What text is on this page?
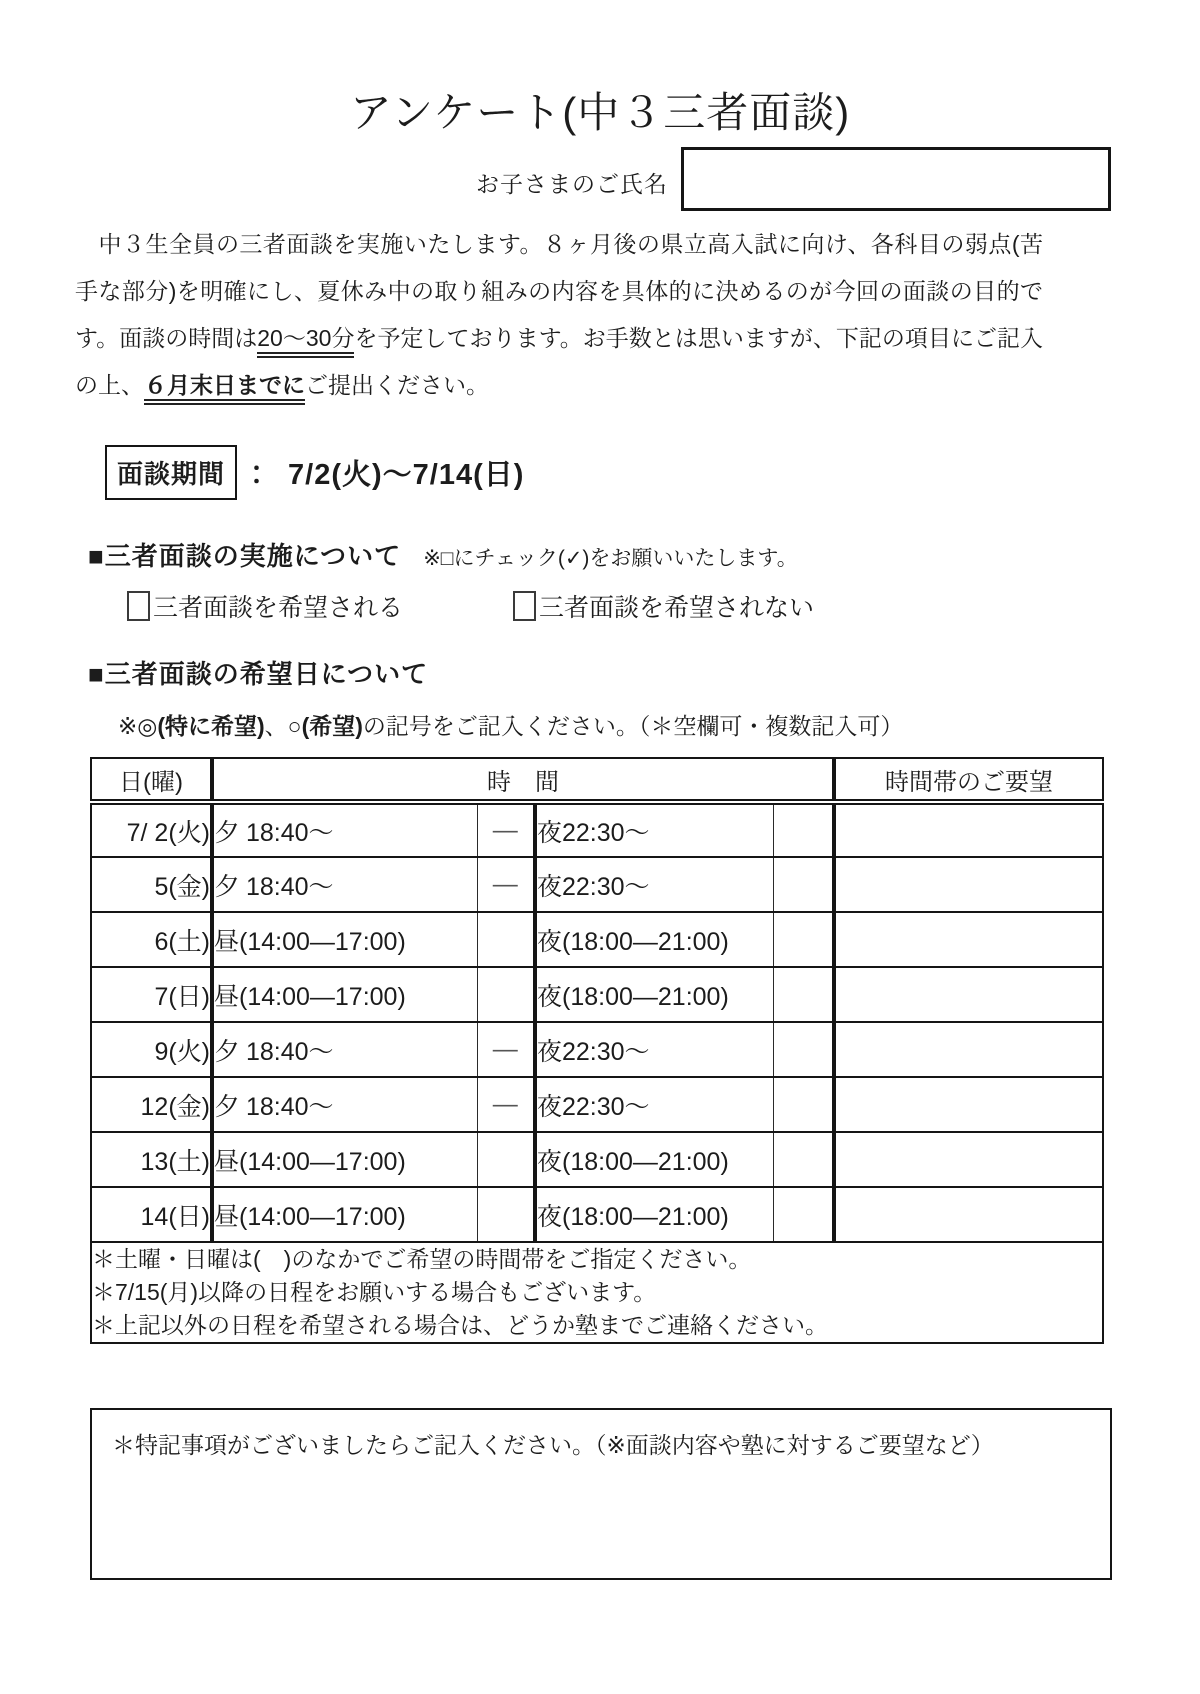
アンケート(中３三者面談)
お子さまのご氏名

　中３生全員の三者面談を実施いたします。８ヶ月後の県立高入試に向け、各科目の弱点(苦手な部分)を明確にし、夏休み中の取り組みの内容を具体的に決めるのが今回の面談の目的です。面談の時間は20～30分を予定しております。お手数とは思いますが、下記の項目にご記入の上、６月末日までにご提出ください。

面談期間 ： 7/2(火)～7/14(日)
■三者面談の実施について ※□にチェック(✓)をお願いいたします。
三者面談を希望される	三者面談を希望されない
■三者面談の希望日について
※◎(特に希望)、○(希望)の記号をご記入ください。（＊空欄可・複数記入可）
日(曜)	時　間				時間帯のご要望
7/ 2(火)	夕 18:40～	—	夜22:30～		
5(金)	夕 18:40～	—	夜22:30～		
6(土)	昼(14:00—17:00)		夜(18:00—21:00)		
7(日)	昼(14:00—17:00)		夜(18:00—21:00)		
9(火)	夕 18:40～	—	夜22:30～		
12(金)	夕 18:40～	—	夜22:30～		
13(土)	昼(14:00—17:00)		夜(18:00—21:00)		
14(日)	昼(14:00—17:00)		夜(18:00—21:00)		

＊土曜・日曜は(　)のなかでご希望の時間帯をご指定ください。
＊7/15(月)以降の日程をお願いする場合もございます。
＊上記以外の日程を希望される場合は、どうか塾までご連絡ください。					
＊特記事項がございましたらご記入ください。（※面談内容や塾に対するご要望など）
